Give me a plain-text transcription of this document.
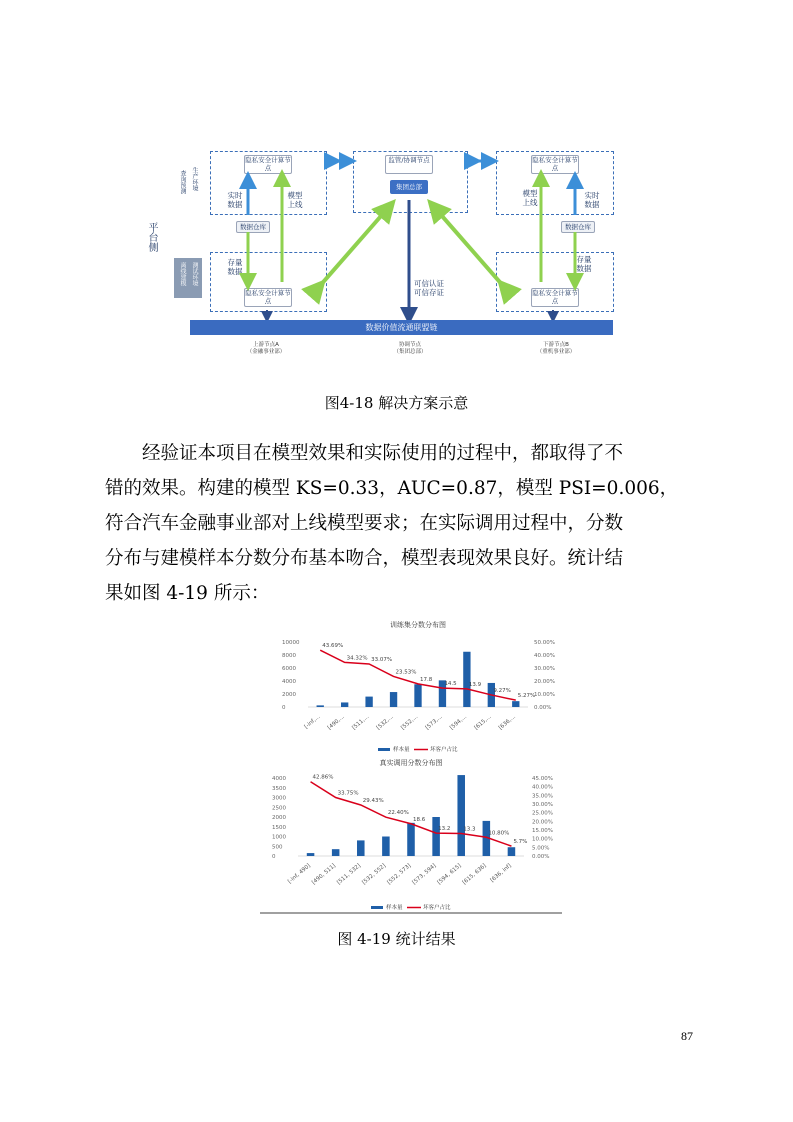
查询预测 生产环境
平台侧
离线建模 测试环境
隐私安全计算节点
隐私安全计算节点
隐私安全计算节点
隐私安全计算节点
监管/协调节点
集团总部
数据仓库	数据仓库
实时数据
模型上线
存量数据
模型上线
实时数据
存量数据
可信认证可信存证
数据价值流通联盟链
上游节点A
（金融事业部）
协调节点
（集团总部）
下游节点B
（重机事业部）
图4-18 解决方案示意

经验证本项目在模型效果和实际使用的过程中，都取得了不

错的效果。构建的模型 KS=0.33，AUC=0.87，模型 PSI=0.006，

符合汽车金融事业部对上线模型要求；在实际调用过程中，分数

分布与建模样本分数分布基本吻合，模型表现效果良好。统计结

果如图 4-19 所示：

训练集分数分布图
10000
8000
6000
4000
2000
0
50.00%
40.00%
30.00%
20.00%
10.00%
0.00%
43.69%
34.32% 33.07%
23.53%
17.8
14.5 13.9
9.27%
5.27%
[-inf,… [490,… [511,… [532,… [552,… [573,… [594,… [615,… [636,…
样本量	坏客户占比
真实调用分数分布图
4000
3500
3000
2500
2000
1500
1000
500
0
45.00%
40.00%
35.00%
30.00%
25.00%
20.00%
15.00%
10.00%
5.00%
0.00%
42.86%
33.75%
29.43%
22.40%
18.6
13.2 13.3
10.80%
5.7%
[-inf, 490] [490, 511] [511, 532] [532, 552] [552, 573] [573, 594] [594, 615] [615, 636] [636, inf]
样本量	坏客户占比
图 4-19 统计结果
87
